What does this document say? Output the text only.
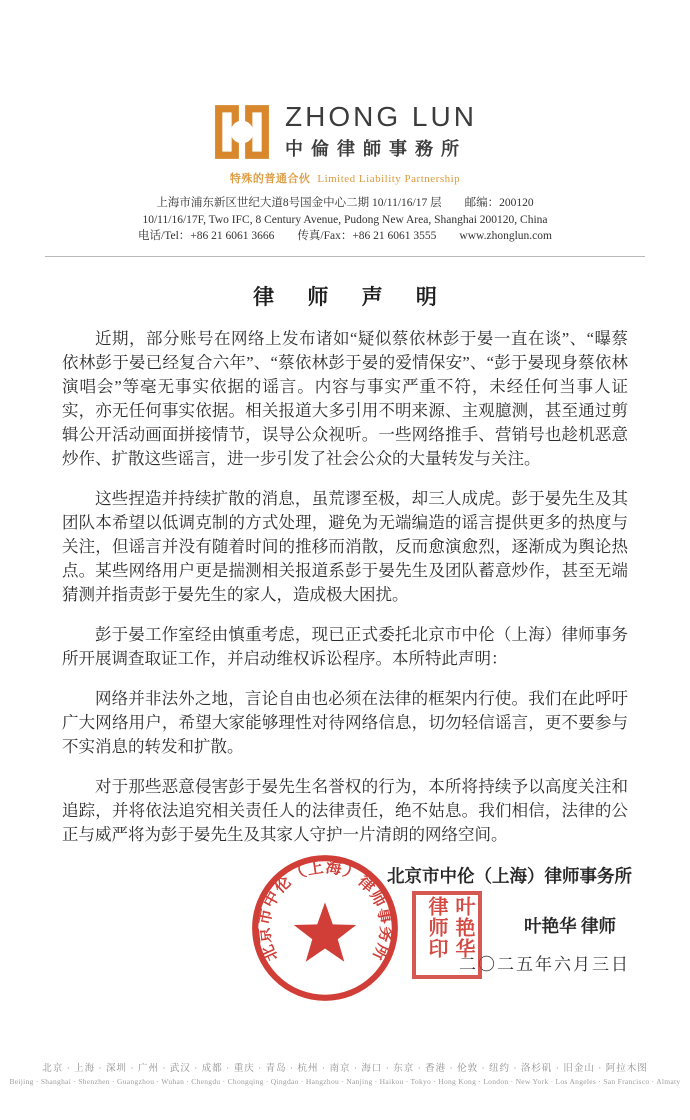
ZHONG LUN
中倫律師事務所
特殊的普通合伙 Limited Liability Partnership
上海市浦东新区世纪大道8号国金中心二期 10/11/16/17 层　　邮编：200120
10/11/16/17F, Two IFC, 8 Century Avenue, Pudong New Area, Shanghai 200120, China
电话/Tel：+86 21 6061 3666　　传真/Fax：+86 21 6061 3555　　www.zhonglun.com
律 师 声 明

近期，部分账号在网络上发布诸如“疑似蔡依林彭于晏一直在谈”、“曝蔡依林彭于晏已经复合六年”、“蔡依林彭于晏的爱情保安”、“彭于晏现身蔡依林演唱会”等毫无事实依据的谣言。内容与事实严重不符，未经任何当事人证实，亦无任何事实依据。相关报道大多引用不明来源、主观臆测，甚至通过剪辑公开活动画面拼接情节，误导公众视听。一些网络推手、营销号也趁机恶意炒作、扩散这些谣言，进一步引发了社会公众的大量转发与关注。

这些捏造并持续扩散的消息，虽荒谬至极，却三人成虎。彭于晏先生及其团队本希望以低调克制的方式处理，避免为无端编造的谣言提供更多的热度与关注，但谣言并没有随着时间的推移而消散，反而愈演愈烈，逐渐成为舆论热点。某些网络用户更是揣测相关报道系彭于晏先生及团队蓄意炒作，甚至无端猜测并指责彭于晏先生的家人，造成极大困扰。

彭于晏工作室经由慎重考虑，现已正式委托北京市中伦（上海）律师事务所开展调查取证工作，并启动维权诉讼程序。本所特此声明：

网络并非法外之地，言论自由也必须在法律的框架内行使。我们在此呼吁广大网络用户，希望大家能够理性对待网络信息，切勿轻信谣言，更不要参与不实消息的转发和扩散。

对于那些恶意侵害彭于晏先生名誉权的行为，本所将持续予以高度关注和追踪，并将依法追究相关责任人的法律责任，绝不姑息。我们相信，法律的公正与威严将为彭于晏先生及其家人守护一片清朗的网络空间。

北京市中伦（上海）律师事务所
北京市中伦（上海）律师事务所
叶艳华
律师印	叶艳华 律师
二〇二五年六月三日
北京 · 上海 · 深圳 · 广州 · 武汉 · 成都 · 重庆 · 青岛 · 杭州 · 南京 · 海口 · 东京 · 香港 · 伦敦 · 纽约 · 洛杉矶 · 旧金山 · 阿拉木图
Beijing · Shanghai · Shenzhen · Guangzhou · Wuhan · Chengdu · Chongqing · Qingdao · Hangzhou · Nanjing · Haikou · Tokyo · Hong Kong · London · New York · Los Angeles · San Francisco · Almaty
